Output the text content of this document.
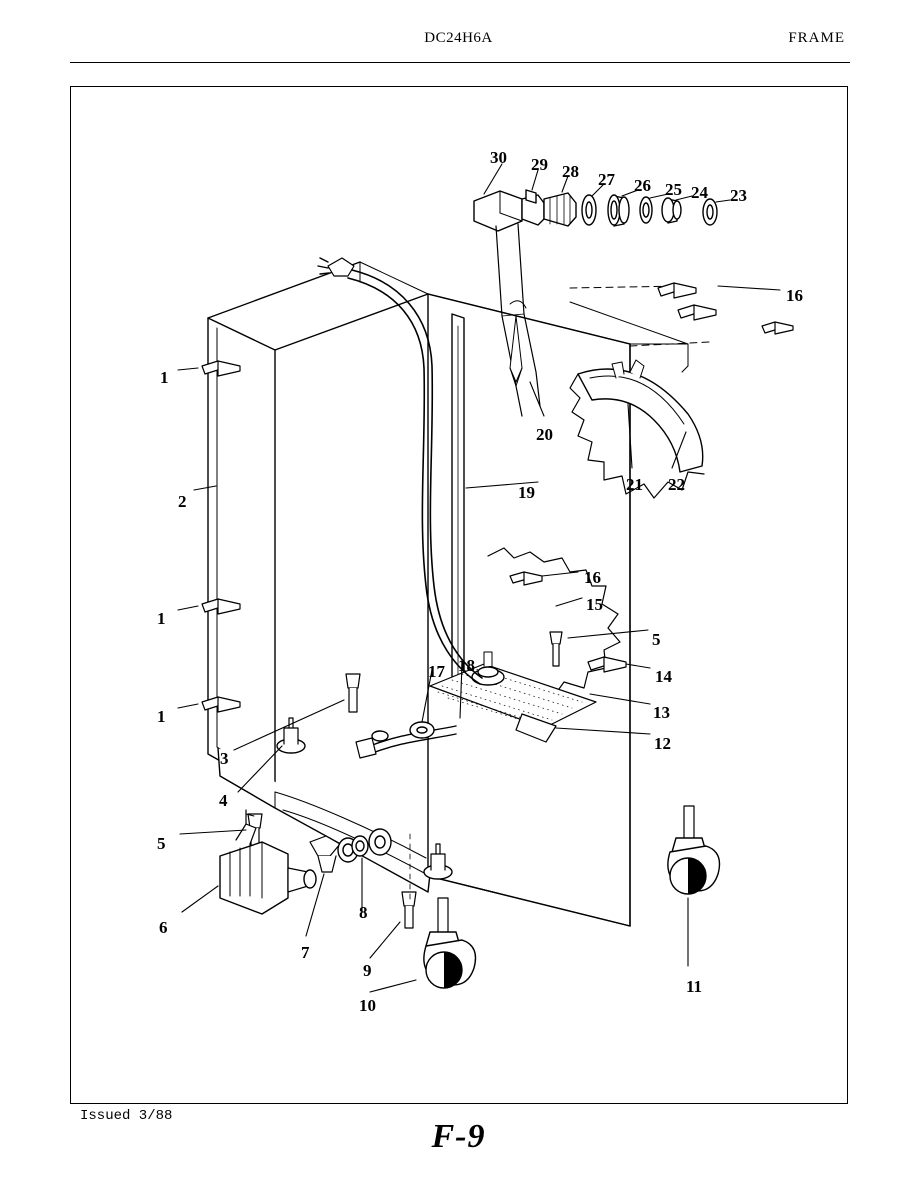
DC24H6A	FRAME
30 29 28 27 26 25 24 23
16
1
20
2
21 22
19
16
15
1
5
14
17 18
13
1
12
3
4
5
6
7
8
9
10
11
Issued 3/88
F-9
